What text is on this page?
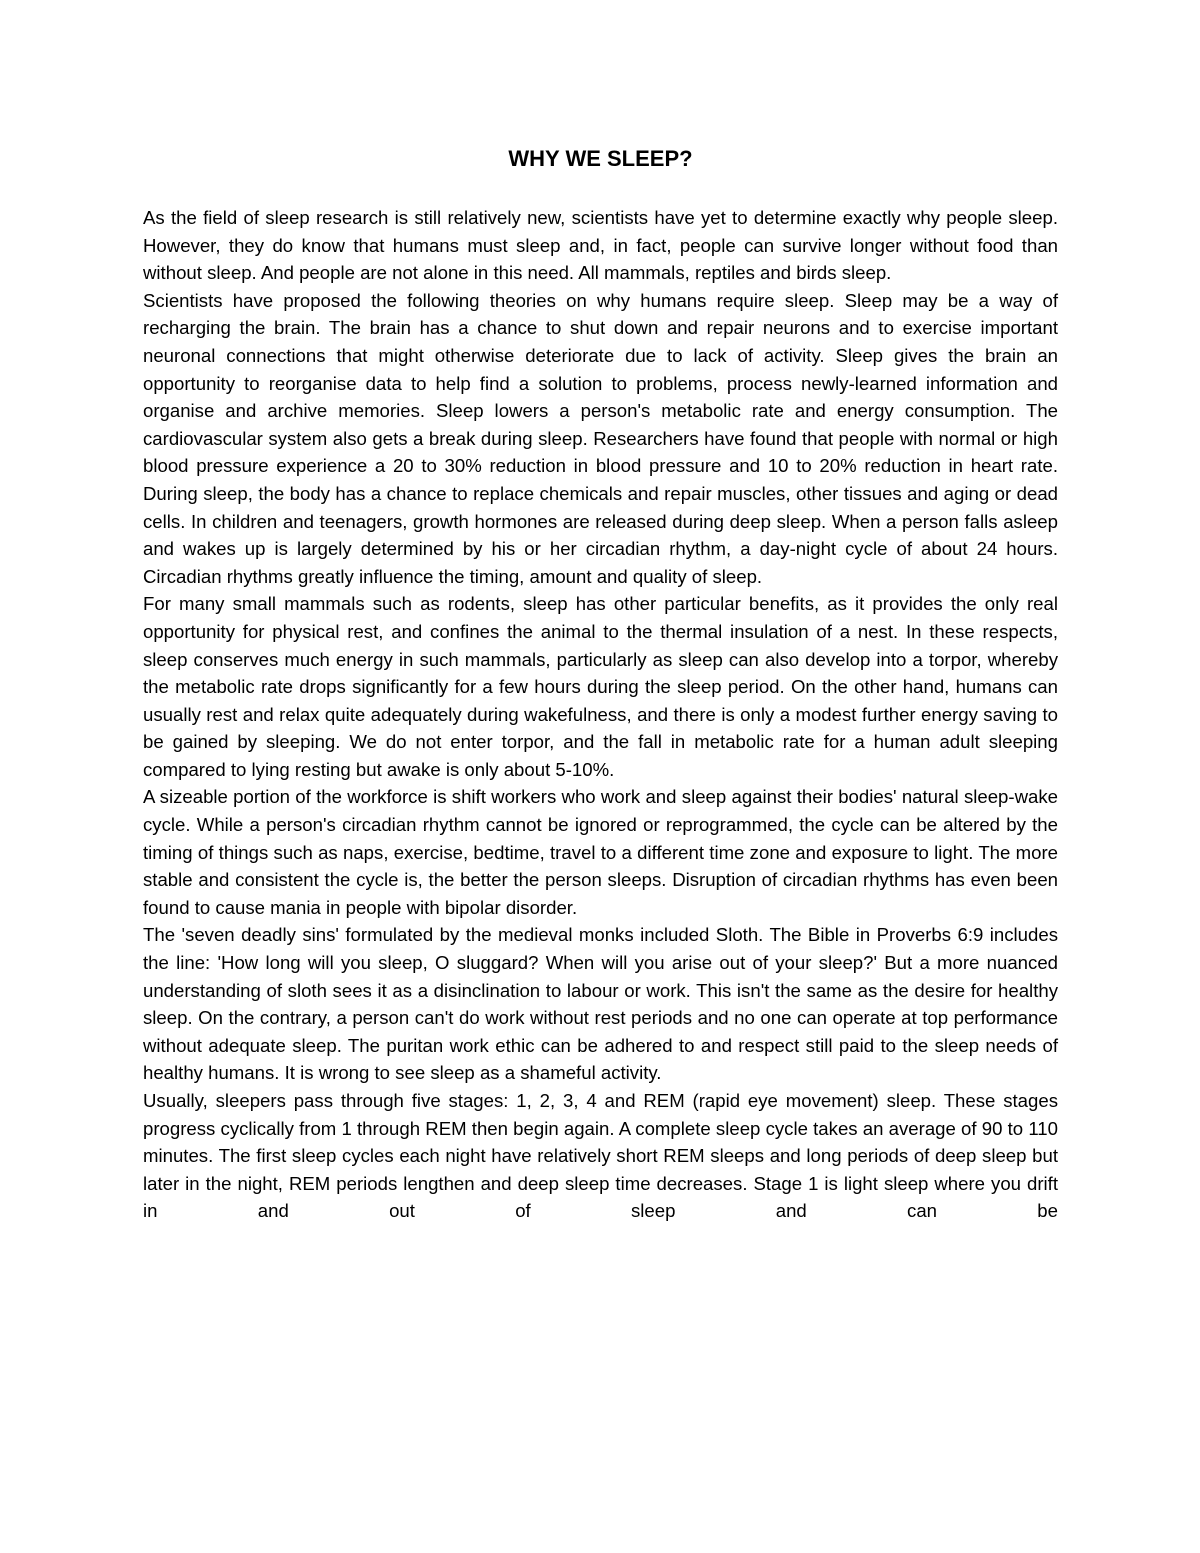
WHY WE SLEEP?

As the field of sleep research is still relatively new, scientists have yet to determine exactly why people sleep. However, they do know that humans must sleep and, in fact, people can survive longer without food than without sleep. And people are not alone in this need. All mammals, reptiles and birds sleep.

Scientists have proposed the following theories on why humans require sleep. Sleep may be a way of recharging the brain. The brain has a chance to shut down and repair neurons and to exercise important neuronal connections that might otherwise deteriorate due to lack of activity. Sleep gives the brain an opportunity to reorganise data to help find a solution to problems, process newly-learned information and organise and archive memories. Sleep lowers a person's metabolic rate and energy consumption. The cardiovascular system also gets a break during sleep. Researchers have found that people with normal or high blood pressure experience a 20 to 30% reduction in blood pressure and 10 to 20% reduction in heart rate. During sleep, the body has a chance to replace chemicals and repair muscles, other tissues and aging or dead cells. In children and teenagers, growth hormones are released during deep sleep. When a person falls asleep and wakes up is largely determined by his or her circadian rhythm, a day-night cycle of about 24 hours. Circadian rhythms greatly influence the timing, amount and quality of sleep.

For many small mammals such as rodents, sleep has other particular benefits, as it provides the only real opportunity for physical rest, and confines the animal to the thermal insulation of a nest. In these respects, sleep conserves much energy in such mammals, particularly as sleep can also develop into a torpor, whereby the metabolic rate drops significantly for a few hours during the sleep period. On the other hand, humans can usually rest and relax quite adequately during wakefulness, and there is only a modest further energy saving to be gained by sleeping. We do not enter torpor, and the fall in metabolic rate for a human adult sleeping compared to lying resting but awake is only about 5-10%.

A sizeable portion of the workforce is shift workers who work and sleep against their bodies' natural sleep-wake cycle. While a person's circadian rhythm cannot be ignored or reprogrammed, the cycle can be altered by the timing of things such as naps, exercise, bedtime, travel to a different time zone and exposure to light. The more stable and consistent the cycle is, the better the person sleeps. Disruption of circadian rhythms has even been found to cause mania in people with bipolar disorder.

The 'seven deadly sins' formulated by the medieval monks included Sloth. The Bible in Proverbs 6:9 includes the line: 'How long will you sleep, O sluggard? When will you arise out of your sleep?' But a more nuanced understanding of sloth sees it as a disinclination to labour or work. This isn't the same as the desire for healthy sleep. On the contrary, a person can't do work without rest periods and no one can operate at top performance without adequate sleep. The puritan work ethic can be adhered to and respect still paid to the sleep needs of healthy humans. It is wrong to see sleep as a shameful activity.

Usually, sleepers pass through five stages: 1, 2, 3, 4 and REM (rapid eye movement) sleep. These stages progress cyclically from 1 through REM then begin again. A complete sleep cycle takes an average of 90 to 110 minutes. The first sleep cycles each night have relatively short REM sleeps and long periods of deep sleep but later in the night, REM periods lengthen and deep sleep time decreases. Stage 1 is light sleep where you drift in and out of sleep and can be
